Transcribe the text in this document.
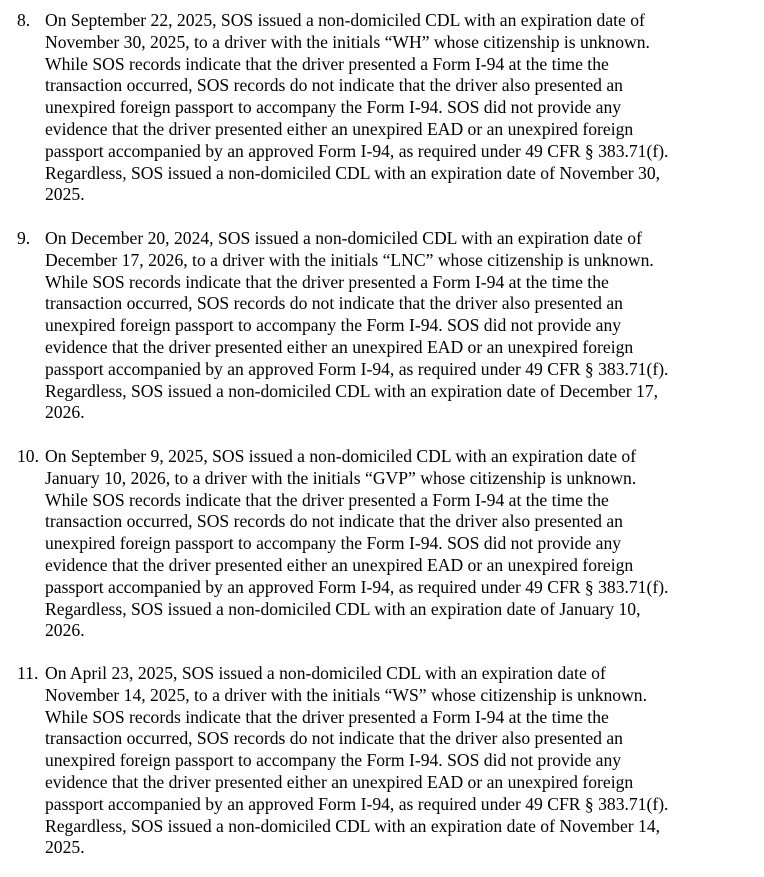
8. On September 22, 2025, SOS issued a non-domiciled CDL with an expiration date of
November 30, 2025, to a driver with the initials “WH” whose citizenship is unknown.
While SOS records indicate that the driver presented a Form I-94 at the time the
transaction occurred, SOS records do not indicate that the driver also presented an
unexpired foreign passport to accompany the Form I-94. SOS did not provide any
evidence that the driver presented either an unexpired EAD or an unexpired foreign
passport accompanied by an approved Form I-94, as required under 49 CFR § 383.71(f).
Regardless, SOS issued a non-domiciled CDL with an expiration date of November 30,
2025.
9. On December 20, 2024, SOS issued a non-domiciled CDL with an expiration date of
December 17, 2026, to a driver with the initials “LNC” whose citizenship is unknown.
While SOS records indicate that the driver presented a Form I-94 at the time the
transaction occurred, SOS records do not indicate that the driver also presented an
unexpired foreign passport to accompany the Form I-94. SOS did not provide any
evidence that the driver presented either an unexpired EAD or an unexpired foreign
passport accompanied by an approved Form I-94, as required under 49 CFR § 383.71(f).
Regardless, SOS issued a non-domiciled CDL with an expiration date of December 17,
2026.
10. On September 9, 2025, SOS issued a non-domiciled CDL with an expiration date of
January 10, 2026, to a driver with the initials “GVP” whose citizenship is unknown.
While SOS records indicate that the driver presented a Form I-94 at the time the
transaction occurred, SOS records do not indicate that the driver also presented an
unexpired foreign passport to accompany the Form I-94. SOS did not provide any
evidence that the driver presented either an unexpired EAD or an unexpired foreign
passport accompanied by an approved Form I-94, as required under 49 CFR § 383.71(f).
Regardless, SOS issued a non-domiciled CDL with an expiration date of January 10,
2026.
11. On April 23, 2025, SOS issued a non-domiciled CDL with an expiration date of
November 14, 2025, to a driver with the initials “WS” whose citizenship is unknown.
While SOS records indicate that the driver presented a Form I-94 at the time the
transaction occurred, SOS records do not indicate that the driver also presented an
unexpired foreign passport to accompany the Form I-94. SOS did not provide any
evidence that the driver presented either an unexpired EAD or an unexpired foreign
passport accompanied by an approved Form I-94, as required under 49 CFR § 383.71(f).
Regardless, SOS issued a non-domiciled CDL with an expiration date of November 14,
2025.
